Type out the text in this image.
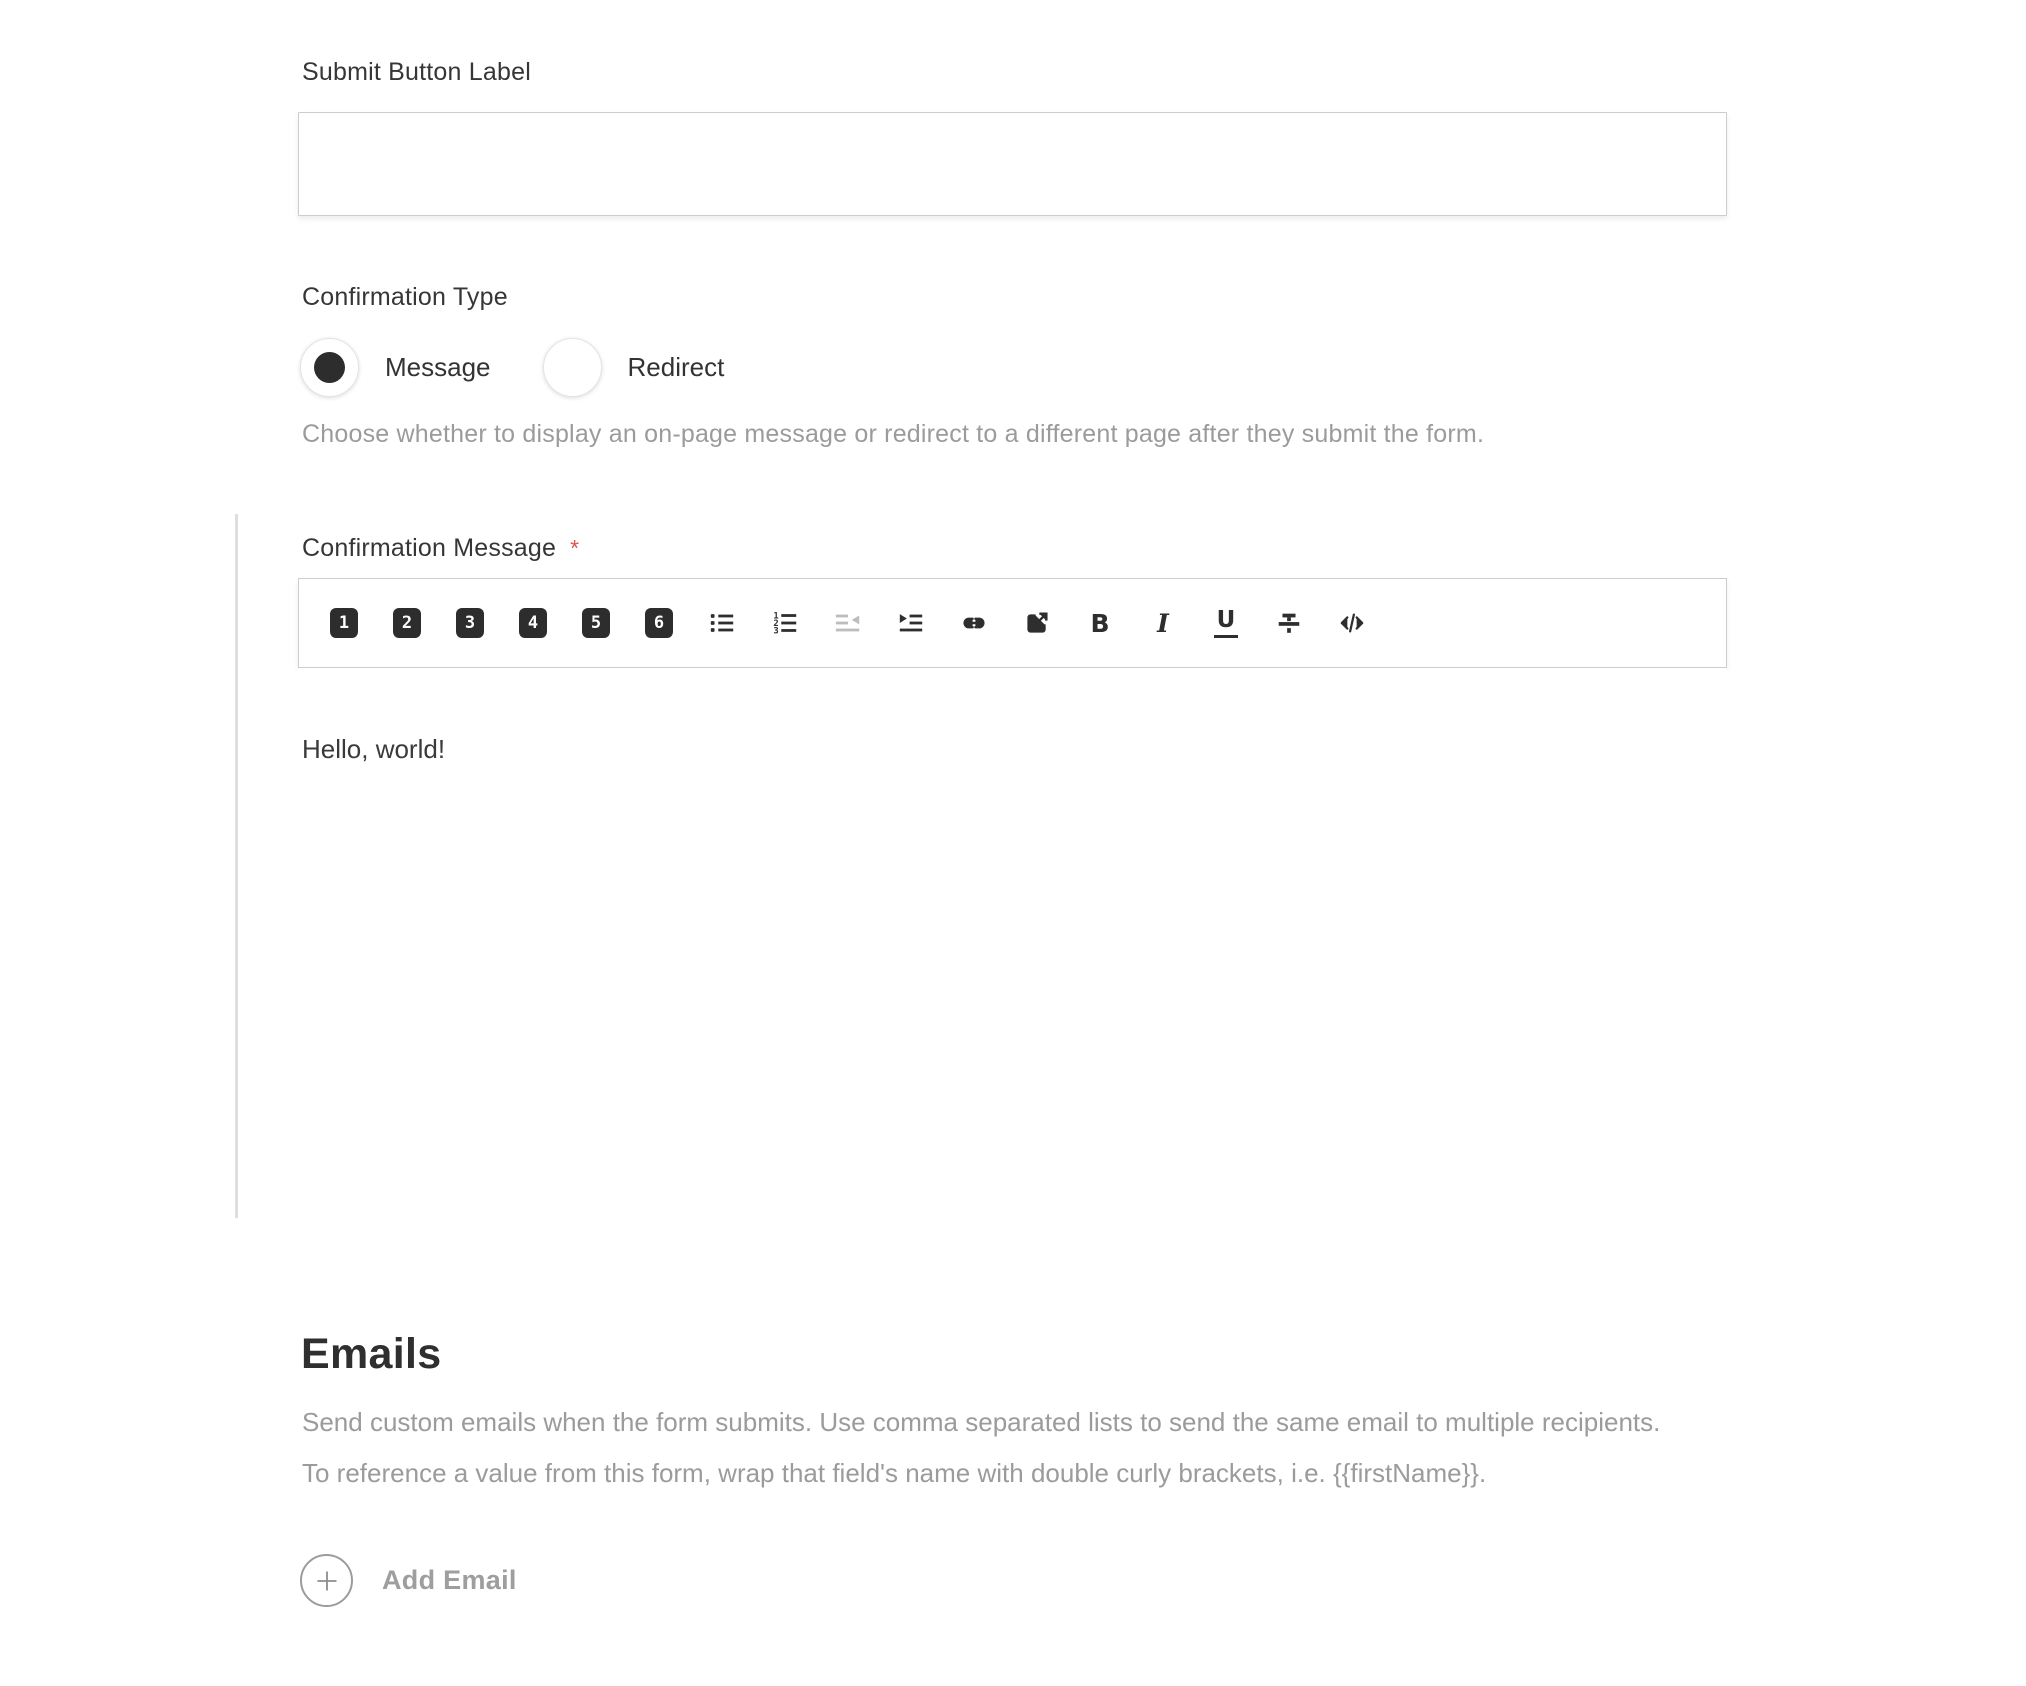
Submit Button Label
Confirmation Type
Message	Redirect
Choose whether to display an on-page message or redirect to a different page after they submit the form.
Confirmation Message *
1	2	3	4	5	6	1
2
3	B I U
Hello, world!
Emails
Send custom emails when the form submits. Use comma separated lists to send the same email to multiple recipients.
To reference a value from this form, wrap that field's name with double curly brackets, i.e. {{firstName}}.
Add Email
